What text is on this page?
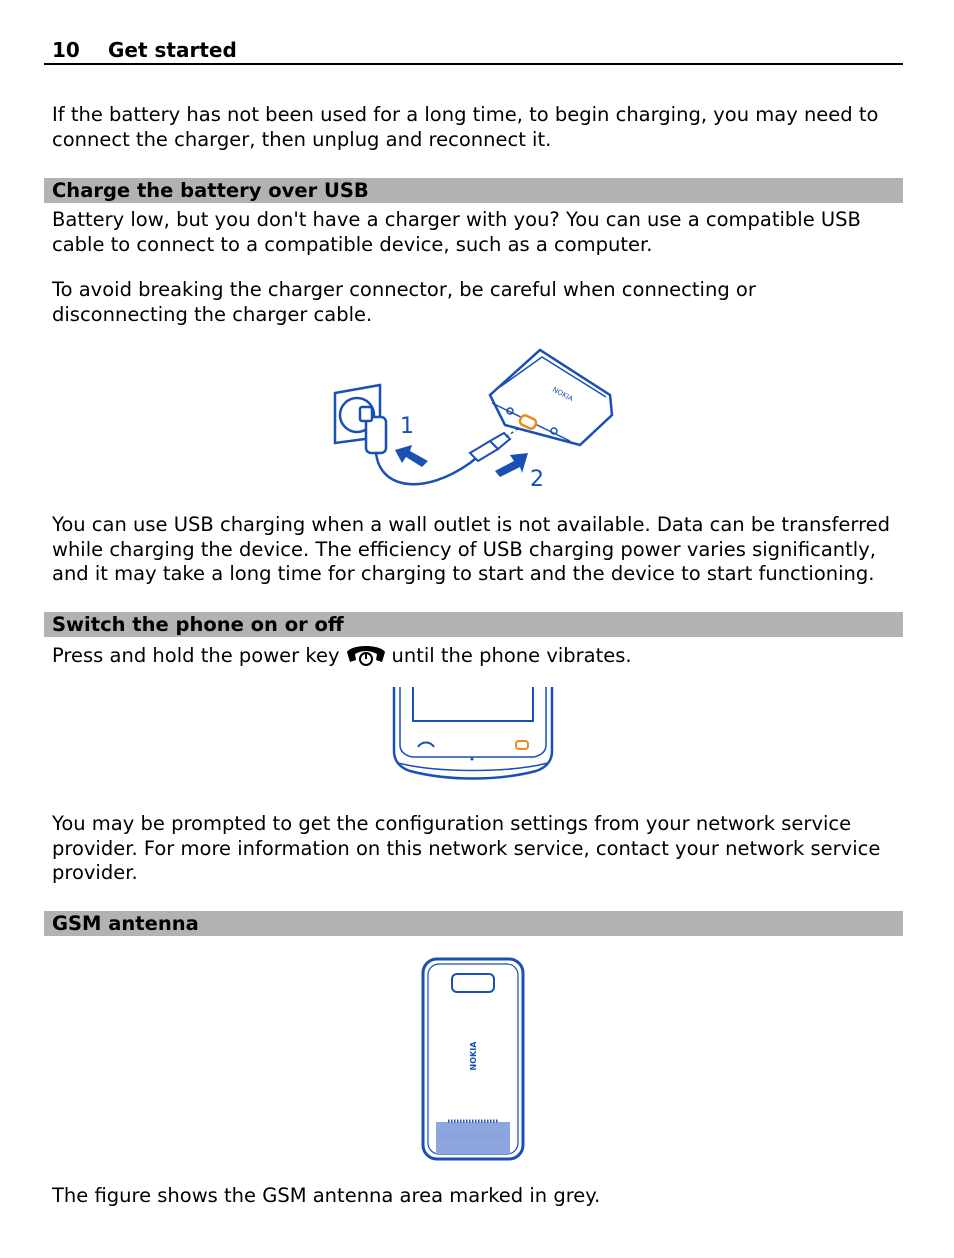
10 Get started
If the battery has not been used for a long time, to begin charging, you may need to
connect the charger, then unplug and reconnect it.
Charge the battery over USB
Battery low, but you don't have a charger with you? You can use a compatible USB
cable to connect to a compatible device, such as a computer.
To avoid breaking the charger connector, be careful when connecting or
disconnecting the charger cable.
NOKIA
1
2
You can use USB charging when a wall outlet is not available. Data can be transferred
while charging the device. The efficiency of USB charging power varies significantly,
and it may take a long time for charging to start and the device to start functioning.
Switch the phone on or off
Press and hold the power key	until the phone vibrates.
You may be prompted to get the configuration settings from your network service
provider. For more information on this network service, contact your network service
provider.
GSM antenna
NOKIA
The figure shows the GSM antenna area marked in grey.
